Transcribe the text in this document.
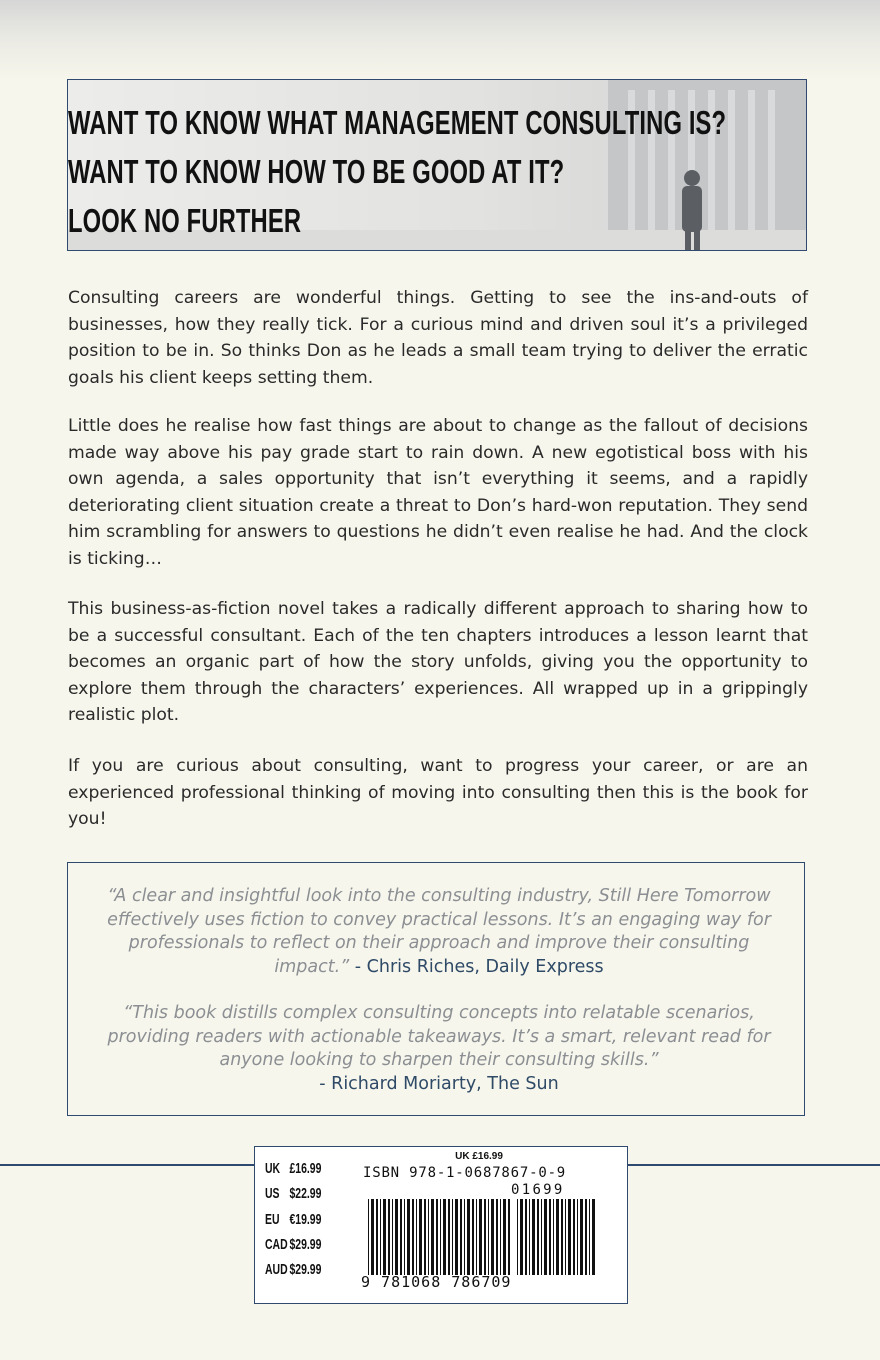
WANT TO KNOW WHAT MANAGEMENT CONSULTING IS?
WANT TO KNOW HOW TO BE GOOD AT IT?
LOOK NO FURTHER

Consulting careers are wonderful things. Getting to see the ins-and-outs of businesses, how they really tick. For a curious mind and driven soul it’s a privileged position to be in. So thinks Don as he leads a small team trying to deliver the erratic goals his client keeps setting them.

Little does he realise how fast things are about to change as the fallout of decisions made way above his pay grade start to rain down. A new egotistical boss with his own agenda, a sales opportunity that isn’t everything it seems, and a rapidly deteriorating client situation create a threat to Don’s hard-won reputation. They send him scrambling for answers to questions he didn’t even realise he had. And the clock is ticking…

This business-as-fiction novel takes a radically different approach to sharing how to be a successful consultant. Each of the ten chapters introduces a lesson learnt that becomes an organic part of how the story unfolds, giving you the opportunity to explore them through the characters’ experiences. All wrapped up in a grippingly realistic plot.

If you are curious about consulting, want to progress your career, or are an experienced professional thinking of moving into consulting then this is the book for you!

“A clear and insightful look into the consulting industry, Still Here Tomorrow effectively uses fiction to convey practical lessons. It’s an engaging way for professionals to reflect on their approach and improve their consulting impact.” - Chris Riches, Daily Express

“This book distills complex consulting concepts into relatable scenarios, providing readers with actionable takeaways. It’s a smart, relevant read for anyone looking to sharpen their consulting skills.”
- Richard Moriarty, The Sun

UK £16.99
US $22.99
EU €19.99
CAD $29.99
AUD $29.99
UK £16.99
ISBN 978-1-0687867-0-9
01699
9 781068 786709
